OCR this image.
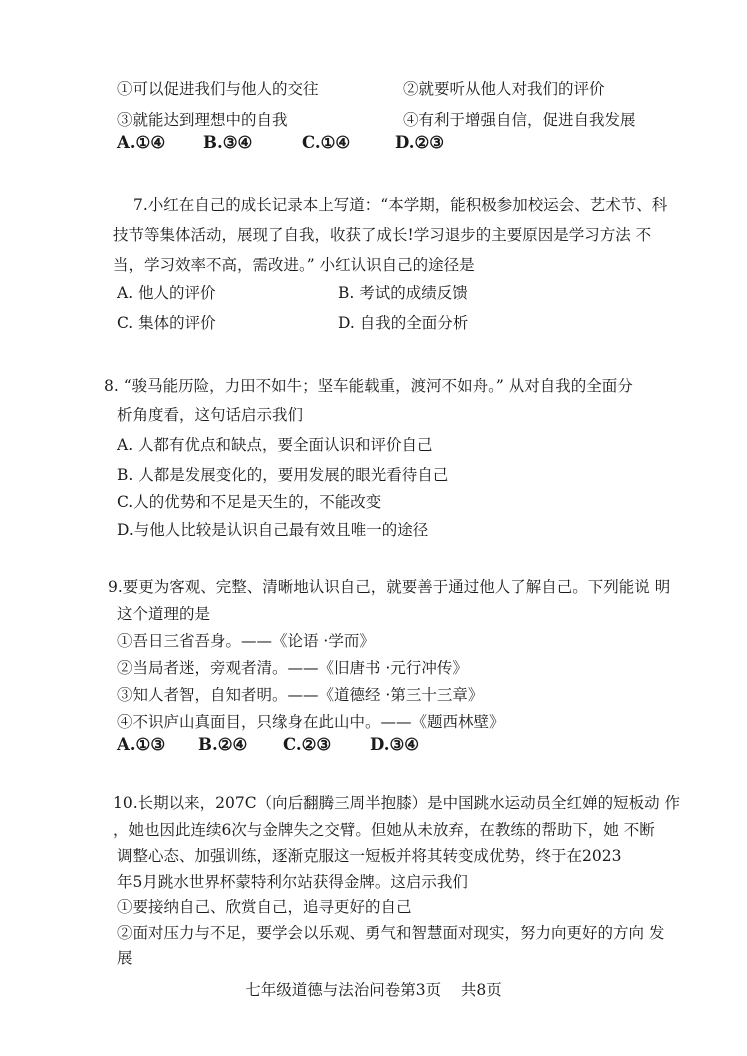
①可以促进我们与他人的交往	②就要听从他人对我们的评价
③就能达到理想中的自我	④有利于增强自信，促进自我发展
A.①④ B.③④	C.①④	D.②③
7.小红在自己的成长记录本上写道：“本学期，能积极参加校运会、艺术节、科
技节等集体活动，展现了自我，收获了成长!学习退步的主要原因是学习方法 不
当，学习效率不高，需改进。” 小红认识自己的途径是
A. 他人的评价	B. 考试的成绩反馈
C. 集体的评价	D. 自我的全面分析
8. “骏马能历险，力田不如牛；坚车能载重，渡河不如舟。” 从对自我的全面分
析角度看，这句话启示我们
A. 人都有优点和缺点，要全面认识和评价自己
B. 人都是发展变化的，要用发展的眼光看待自己
C.人的优势和不足是天生的，不能改变
D.与他人比较是认识自己最有效且唯一的途径
9.要更为客观、完整、清晰地认识自己，就要善于通过他人了解自己。下列能说 明
这个道理的是
①吾日三省吾身。——《论语 ·学而》
②当局者迷，旁观者清。——《旧唐书 ·元行冲传》
③知人者智，自知者明。——《道德经 ·第三十三章》
④不识庐山真面目，只缘身在此山中。——《题西林壁》
A.①③ B.②④ C.②③ D.③④
10.长期以来，207C（向后翻腾三周半抱膝）是中国跳水运动员全红婵的短板动 作
，她也因此连续6次与金牌失之交臂。但她从未放弃，在教练的帮助下，她 不断
调整心态、加强训练，逐渐克服这一短板并将其转变成优势，终于在2023
年5月跳水世界杯蒙特利尔站获得金牌。这启示我们
①要接纳自己、欣赏自己，追寻更好的自己
②面对压力与不足，要学会以乐观、勇气和智慧面对现实，努力向更好的方向 发
展
七年级道德与法治问卷第3页    共8页
